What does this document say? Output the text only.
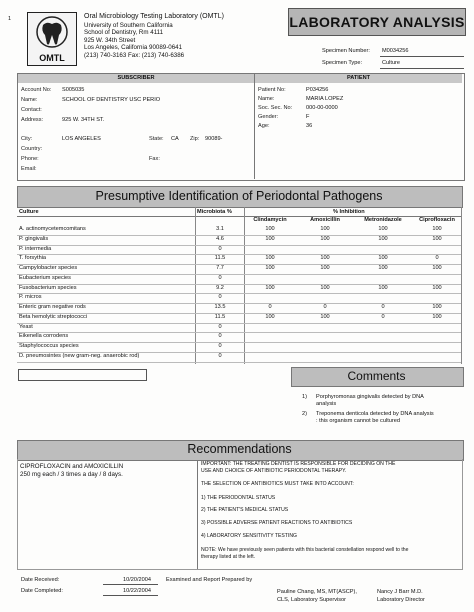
1
OMTL
Oral Microbiology Testing Laboratory (OMTL)
University of Southern California
School of Dentistry, Rm 4111
925 W. 34th Street
Los Angeles, California 90089-0641
(213) 740-3163 Fax: (213) 740-6386
LABORATORY ANALYSIS
Specimen Number: M0034256
Specimen Type:	Culture
SUBSCRIBER	PATIENT
Account No: S005035
Name:	SCHOOL OF DENTISTRY USC PERIO
Contact:
Address:	925 W. 34TH ST.
City:	LOS ANGELES	State: CA Zip: 90089-
Country:
Phone:	Fax:
Email:
Patient No:	P034256
Name:	MARIA LOPEZ
Soc. Sec. No: 000-00-0000
Gender:	F
Age:	36
Presumptive Identification of Periodontal Pathogens
Culture	Microbiota %	% Inhibition
Clindamycin	Amoxicillin	Metronidazole	Ciprofloxacin
A. actinomycetemcomitans	3.1	100	100	100	100
P. gingivalis	4.6	100	100	100	100
P. intermedia	0
T. forsythia	11.5	100	100	100	0
Campylobacter species	7.7	100	100	100	100
Eubacterium species	0
Fusobacterium species	9.2	100	100	100	100
P. micros	0
Enteric gram negative rods	13.5	0	0	0	100
Beta hemolytic streptococci	11.5	100	100	0	100
Yeast	0
Eikenella corrodens	0
Staphylococcus species	0
D. pneumosintes (new gram-neg. anaerobic rod)	0
Comments
1) Porphyromonas gingivalis detected by DNA
analysis
2) Treponema denticola detected by DNA analysis
: this organism cannot be cultured
Recommendations
CIPROFLOXACIN and AMOXICILLIN
250 mg each / 3 times a day / 8 days.
IMPORTANT: THE TREATING DENTIST IS RESPONSIBLE FOR DECIDING ON THE
USE AND CHOICE OF ANTIBIOTIC PERIODONTAL THERAPY.
THE SELECTION OF ANTIBIOTICS MUST TAKE INTO ACCOUNT:
1) THE PERIODONTAL STATUS
2) THE PATIENT'S MEDICAL STATUS
3) POSSIBLE ADVERSE PATIENT REACTIONS TO ANTIBIOTICS
4) LABORATORY SENSITIVITY TESTING
NOTE: We have previously seen patients with this bacterial constellation respond well to the
therapy listed at the left.
Date Received:	10/20/2004
Date Completed:	10/22/2004
Examined and Report Prepared by
Pauline Chang, MS, MT(ASCP),
CLS, Laboratory Supervisor
Nancy J Barr M.D.
Laboratory Director
